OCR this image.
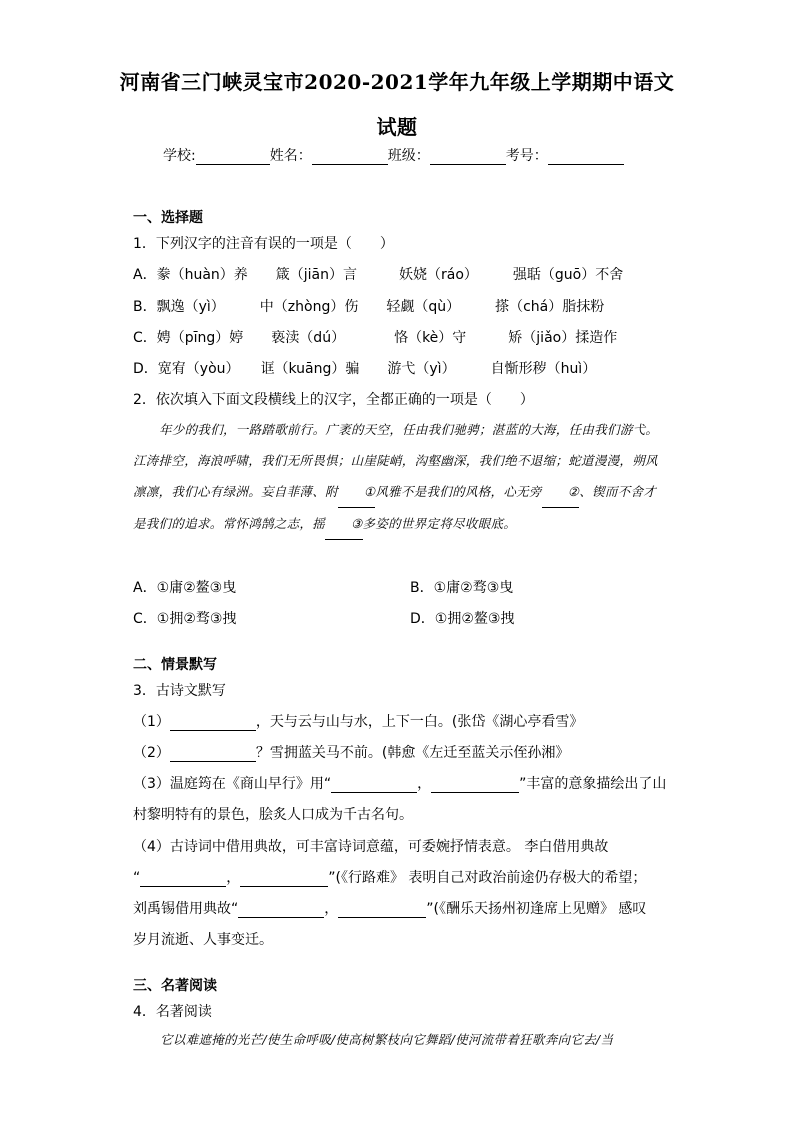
河南省三门峡灵宝市2020-2021学年九年级上学期期中语文
试题
学校:	姓名：	班级：	考号：
一、选择题
1．下列汉字的注音有误的一项是（　　）
A．豢（huàn）养　　箴（jiān）言　　　妖娆（ráo）　　　强聒（guō）不舍
B．飘逸（yì）　　　中（zhòng）伤　　轻觑（qù）　　　搽（chá）脂抹粉
C．娉（pīng）婷　　亵渎（dú）　　　　恪（kè）守　　　矫（jiǎo）揉造作
D．宽宥（yòu）　　诓（kuāng）骗　　游弋（yì）　　　自惭形秽（huì）
2．依次填入下面文段横线上的汉字，全都正确的一项是（　　）
年少的我们，一路踏歌前行。广袤的天空，任由我们驰骋；湛蓝的大海，任由我们游弋。江涛排空，海浪呼啸，我们无所畏惧；山崖陡峭，沟壑幽深，我们绝不退缩；蛇道漫漫，朔风凛凛，我们心有绿洲。妄自菲薄、附 ①风雅不是我们的风格，心无旁 ②、锲而不舍才是我们的追求。常怀鸿鹄之志，摇 ③多姿的世界定将尽收眼底。
A．①庸②鳌③曳	B．①庸②骛③曳
C．①拥②骛③拽	D．①拥②鳌③拽
二、情景默写
3．古诗文默写
（1）	，天与云与山与水，上下一白。(张岱《湖心亭看雪》
（2）	？雪拥蓝关马不前。(韩愈《左迁至蓝关示侄孙湘》
（3）温庭筠在《商山早行》用“	，	”丰富的意象描绘出了山
村黎明特有的景色，脍炙人口成为千古名句。
（4）古诗词中借用典故，可丰富诗词意蕴，可委婉抒情表意。 李白借用典故
“	，	”(《行路难》 表明自己对政治前途仍存极大的希望；
刘禹锡借用典故“	，	”(《酬乐天扬州初逢席上见赠》 感叹
岁月流逝、人事变迁。
三、名著阅读
4．名著阅读
它以难遮掩的光芒/使生命呼吸/使高树繁枝向它舞蹈/使河流带着狂歌奔向它去/当
